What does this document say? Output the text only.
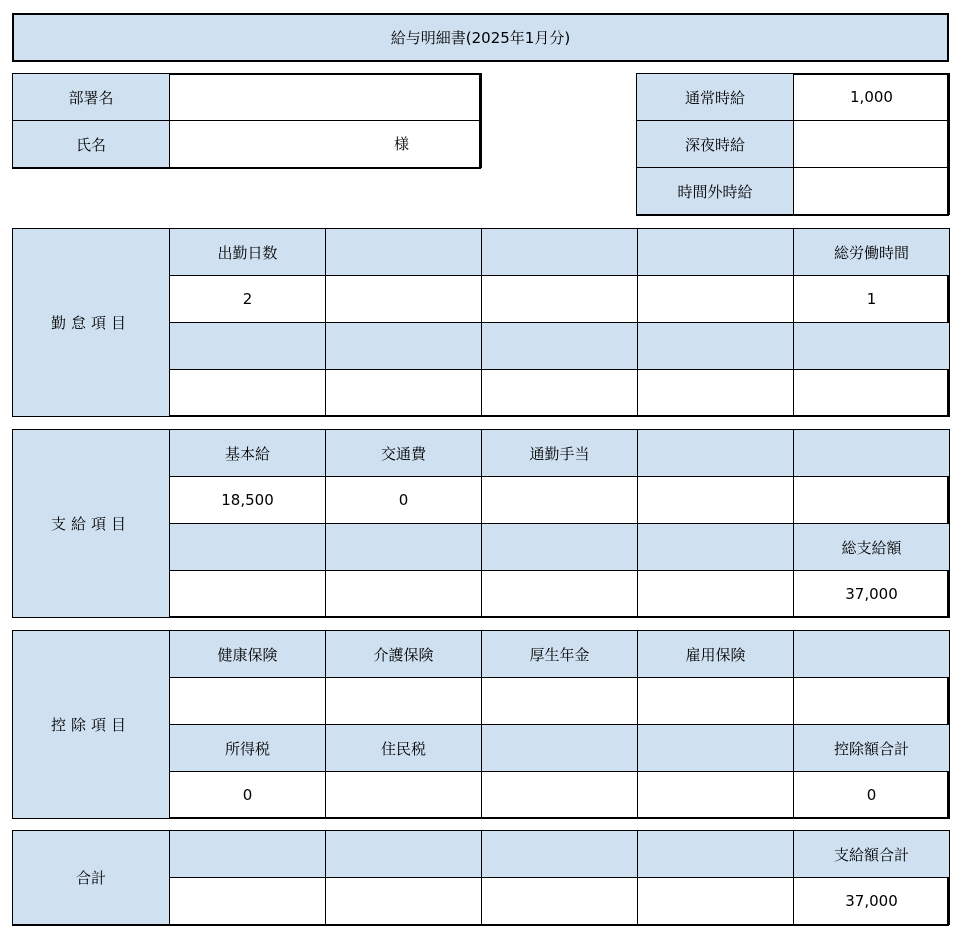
給与明細書(2025年1月分)
部署名	
氏名	様
通常時給	1,000
深夜時給	
時間外時給	
勤怠項目	出勤日数				総労働時間
	2				1

支給項目	基本給	交通費	通勤手当		
	18,500	0			
					総支給額
					37,000
控除項目	健康保険	介護保険	厚生年金	雇用保険	

	所得税	住民税			控除額合計
	0				0
合計					支給額合計
					37,000
